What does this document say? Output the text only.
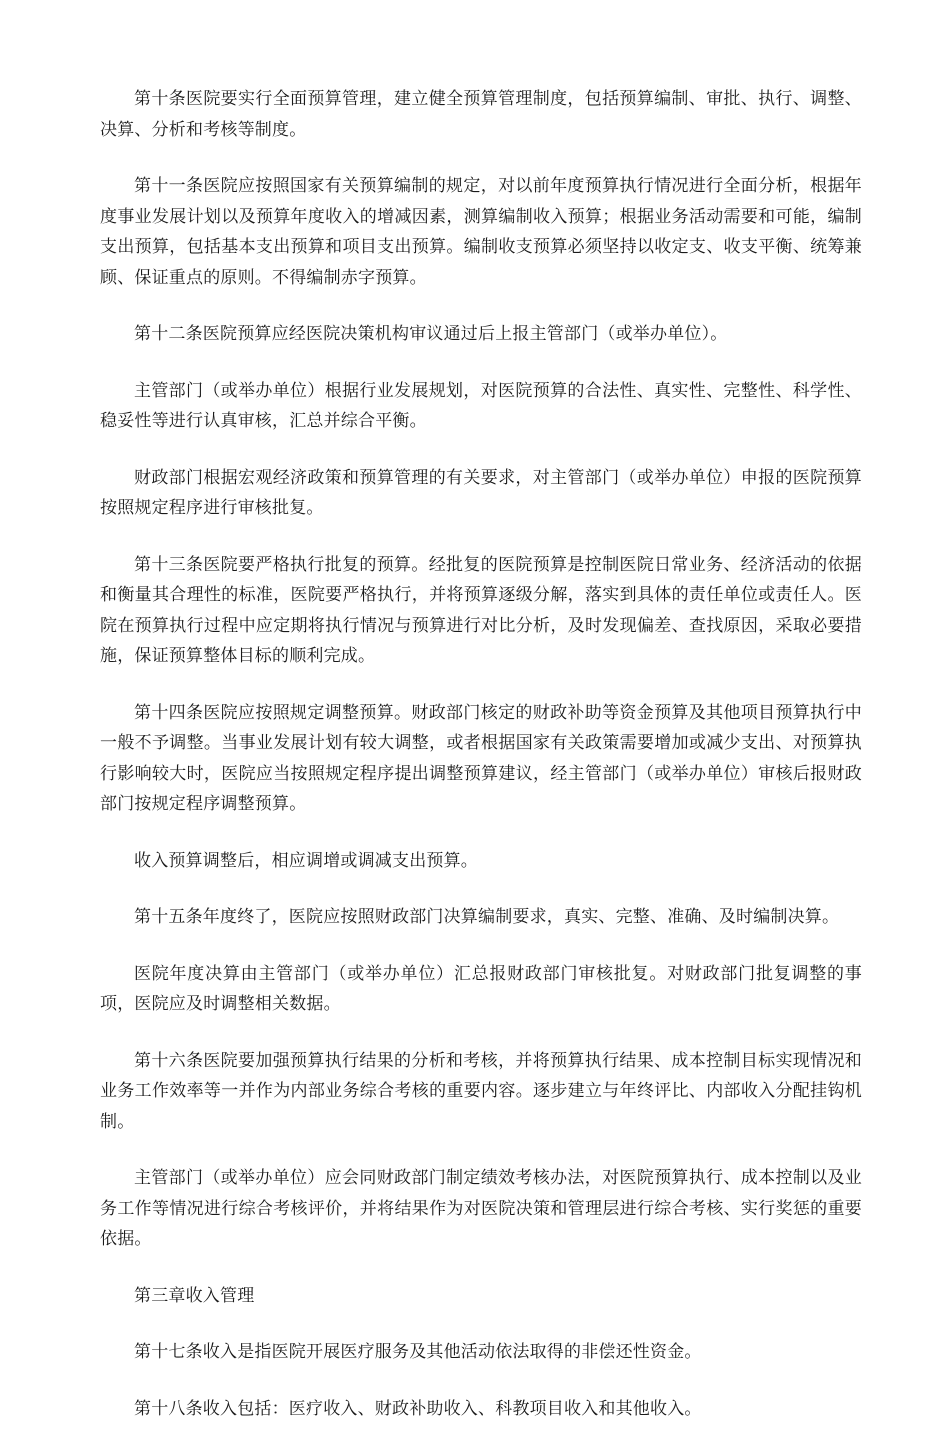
第十条医院要实行全面预算管理，建立健全预算管理制度，包括预算编制、审批、执行、调整、决算、分析和考核等制度。

第十一条医院应按照国家有关预算编制的规定，对以前年度预算执行情况进行全面分析，根据年度事业发展计划以及预算年度收入的增减因素，测算编制收入预算；根据业务活动需要和可能，编制支出预算，包括基本支出预算和项目支出预算。编制收支预算必须坚持以收定支、收支平衡、统筹兼顾、保证重点的原则。不得编制赤字预算。

第十二条医院预算应经医院决策机构审议通过后上报主管部门（或举办单位）。

主管部门（或举办单位）根据行业发展规划，对医院预算的合法性、真实性、完整性、科学性、稳妥性等进行认真审核，汇总并综合平衡。

财政部门根据宏观经济政策和预算管理的有关要求，对主管部门（或举办单位）申报的医院预算按照规定程序进行审核批复。

第十三条医院要严格执行批复的预算。经批复的医院预算是控制医院日常业务、经济活动的依据和衡量其合理性的标准，医院要严格执行，并将预算逐级分解，落实到具体的责任单位或责任人。医院在预算执行过程中应定期将执行情况与预算进行对比分析，及时发现偏差、查找原因，采取必要措施，保证预算整体目标的顺利完成。

第十四条医院应按照规定调整预算。财政部门核定的财政补助等资金预算及其他项目预算执行中一般不予调整。当事业发展计划有较大调整，或者根据国家有关政策需要增加或减少支出、对预算执行影响较大时，医院应当按照规定程序提出调整预算建议，经主管部门（或举办单位）审核后报财政部门按规定程序调整预算。

收入预算调整后，相应调增或调减支出预算。

第十五条年度终了，医院应按照财政部门决算编制要求，真实、完整、准确、及时编制决算。

医院年度决算由主管部门（或举办单位）汇总报财政部门审核批复。对财政部门批复调整的事项，医院应及时调整相关数据。

第十六条医院要加强预算执行结果的分析和考核，并将预算执行结果、成本控制目标实现情况和业务工作效率等一并作为内部业务综合考核的重要内容。逐步建立与年终评比、内部收入分配挂钩机制。

主管部门（或举办单位）应会同财政部门制定绩效考核办法，对医院预算执行、成本控制以及业务工作等情况进行综合考核评价，并将结果作为对医院决策和管理层进行综合考核、实行奖惩的重要依据。

第三章收入管理

第十七条收入是指医院开展医疗服务及其他活动依法取得的非偿还性资金。

第十八条收入包括：医疗收入、财政补助收入、科教项目收入和其他收入。
